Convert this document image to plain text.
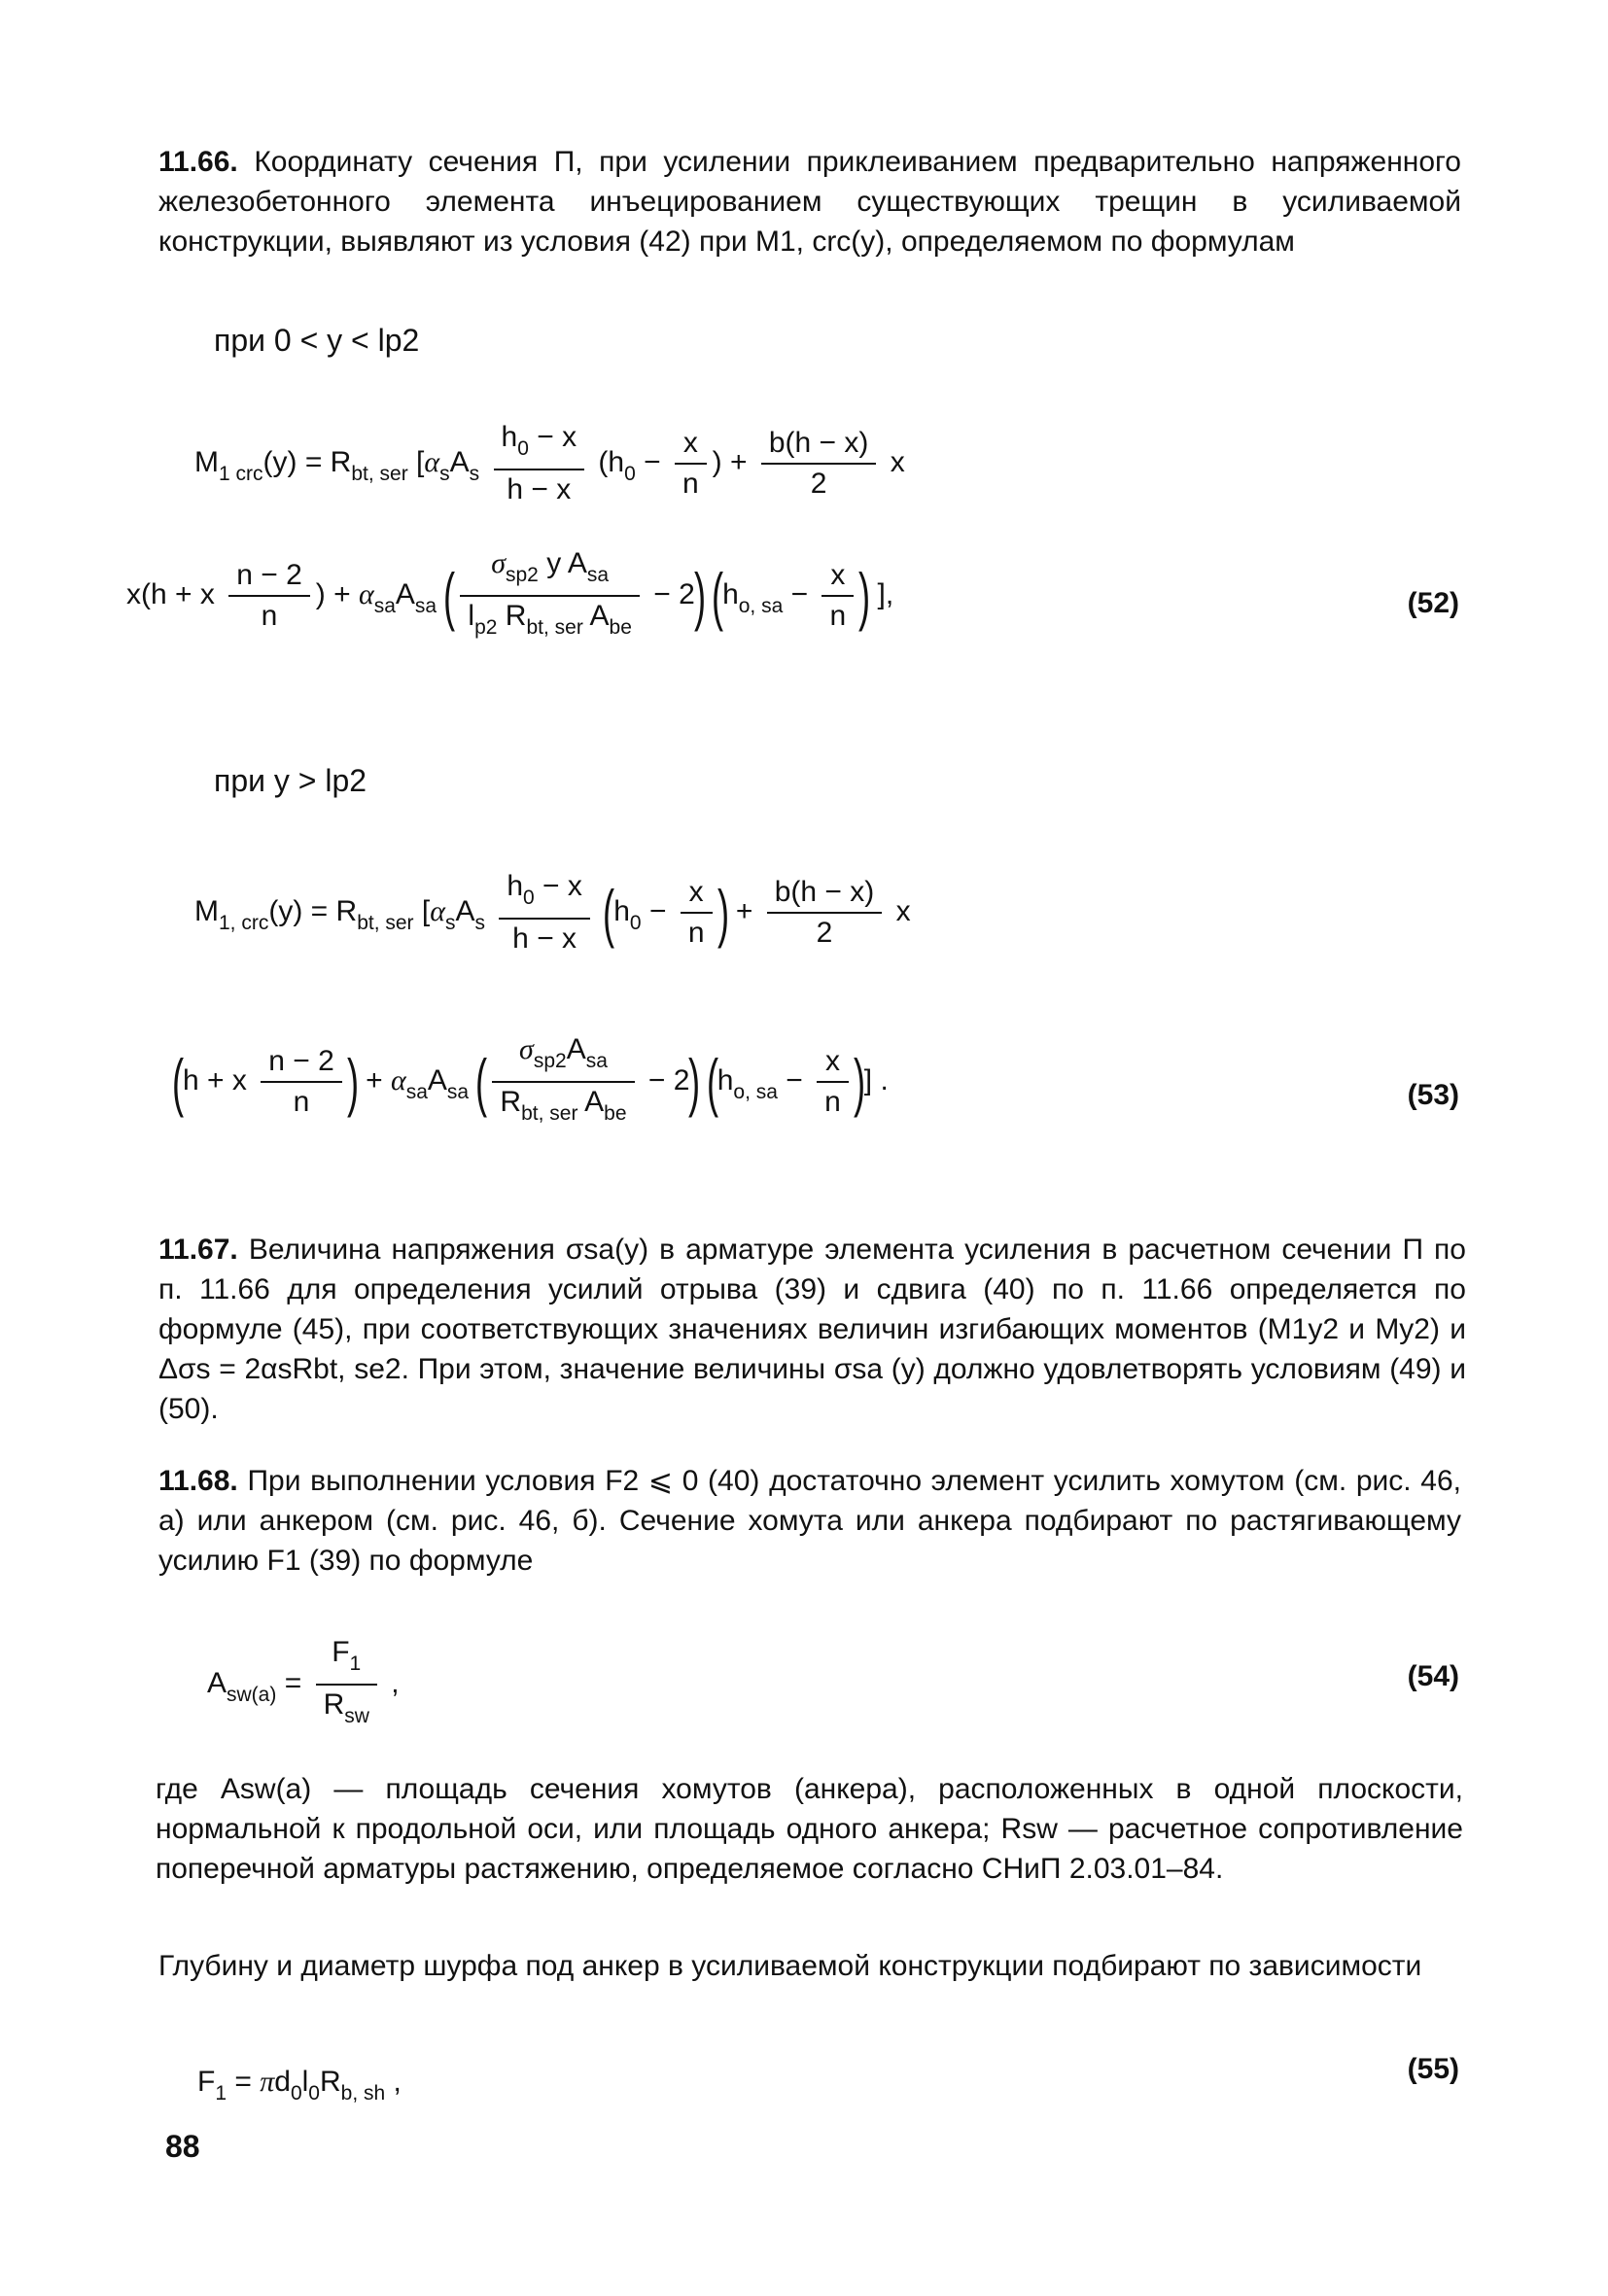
11.66. Координату сечения П, при усилении приклеиванием предварительно напряженного железобетонного элемента инъецированием существующих трещин в усиливаемой конструкции, выявляют из условия (42) при M1, crc(y), определяемом по формулам
при 0 < y < lp2
$M_{1 crc}(y) = R_{bt, ser}$ [$\alpha_sA_s \frac{h_0 - x}{h - x} (h_0 - \frac{x}{n}$ ) + $\frac{b(h - x)}{2}$ x
x(h + x $\frac{n - 2}{n}$ ) + $\alpha_{sa}A_{sa}$ ( $\frac{\sigma_{sp2} y A_{sa}}{l_{p2} R_{bt, ser} A_{be}} - 2$) ($h_{o, sa} - \frac{x}{n}$ ) ],	(52)
при y > lp2
$M_{1, crc}(y) = R_{bt, ser}$ [$\alpha_sA_s \frac{h_0 - x}{h - x} (h_0 - \frac{x}{n}$ ) + $\frac{b(h - x)}{2}$ x
(h + x $\frac{n - 2}{n}$ ) + $\alpha_{sa}A_{sa}$ ( $\frac{\sigma_{sp2}A_{sa}}{R_{bt, ser} A_{be}} - 2$) ($h_{o, sa} - \frac{x}{n}$ )] .	(53)
11.67. Величина напряжения σsa(y) в арматуре элемента усиления в расчетном сечении П по п. 11.66 для определения усилий отрыва (39) и сдвига (40) по п. 11.66 определяется по формуле (45), при соответствующих значениях величин изгибающих моментов (M1y2 и My2) и Δσs = 2αsRbt, se2. При этом, значение величины σsa (y) должно удовлетворять условиям (49) и (50).
11.68. При выполнении условия F2 ⩽ 0 (40) достаточно элемент усилить хомутом (см. рис. 46, а) или анкером (см. рис. 46, б). Сечение хомута или анкера подбирают по растягивающему усилию F1 (39) по формуле
$A_{sw(a)} = \frac{F_1}{R_{sw}}$ ,	(54)
где Asw(a) — площадь сечения хомутов (анкера), расположенных в одной плоскости, нормальной к продольной оси, или площадь одного анкера; Rsw — расчетное сопротивление поперечной арматуры растяжению, определяемое согласно СНиП 2.03.01–84.
Глубину и диаметр шурфа под анкер в усиливаемой конструкции подбирают по зависимости
$F_1 = \pi d_0l_0R_{b, sh}$ ,	(55)
88
